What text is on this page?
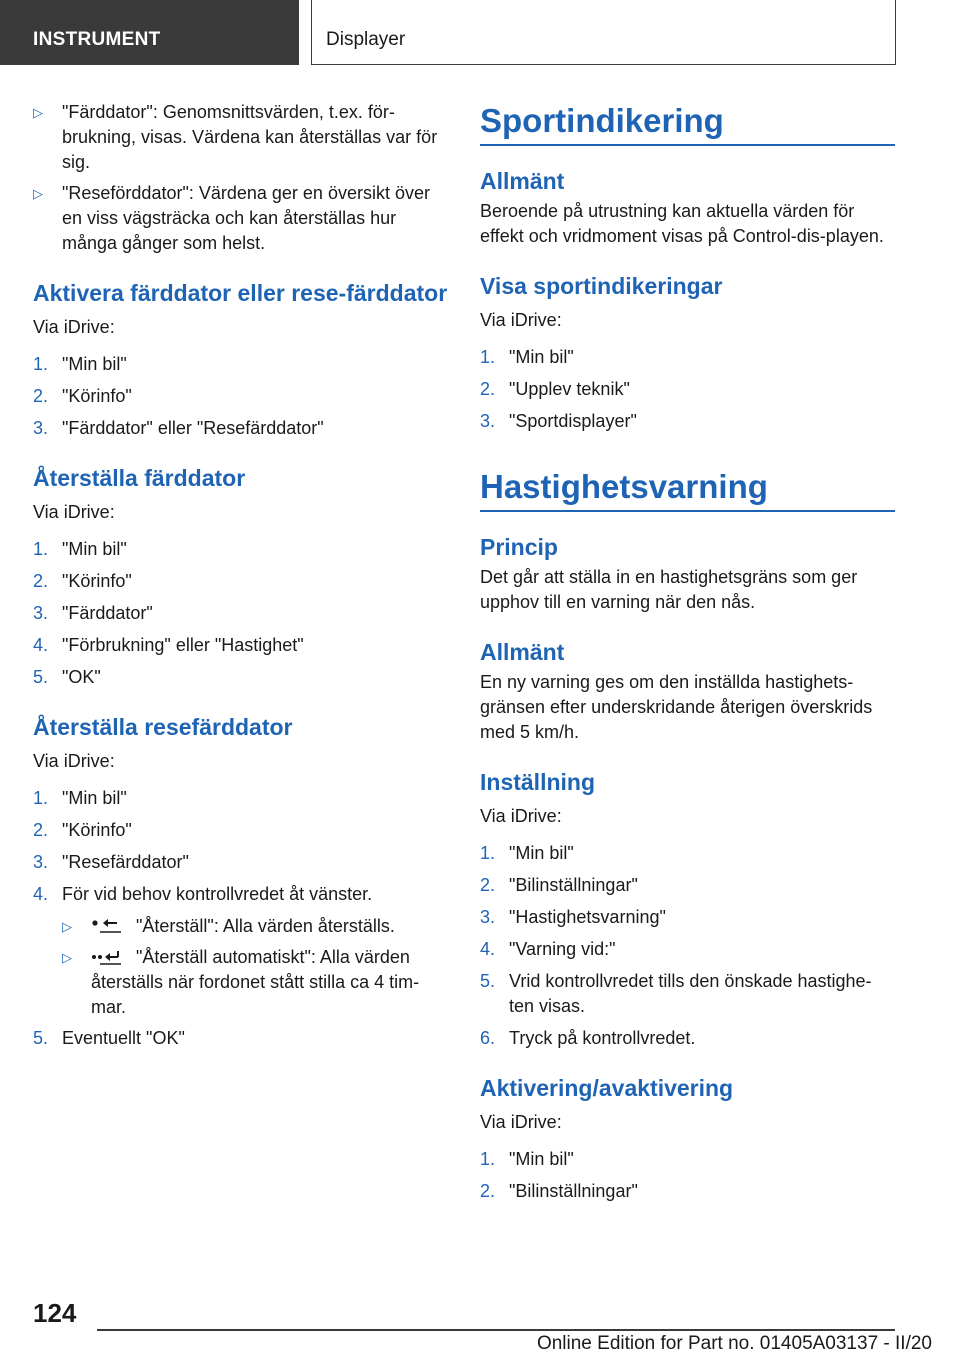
INSTRUMENT	Displayer
▷ "Färddator": Genomsnittsvärden, t.ex. för-brukning, visas. Värdena kan återställas var för sig.
▷ "Reseförddator": Värdena ger en översikt över en viss vägsträcka och kan återställas hur många gånger som helst.
Aktivera färddator eller rese-färddator

Via iDrive:

1. "Min bil"
2. "Körinfo"
3. "Färddator" eller "Resefärddator"
Återställa färddator

Via iDrive:

1. "Min bil"
2. "Körinfo"
3. "Färddator"
4. "Förbrukning" eller "Hastighet"
5. "OK"
Återställa resefärddator

Via iDrive:

1. "Min bil"
2. "Körinfo"
3. "Resefärddator"
4. För vid behov kontrollvredet åt vänster.
▷	"Återställ": Alla värden återställs.
▷	"Återställ automatiskt": Alla värden återställs när fordonet stått stilla ca 4 tim-mar.
5. Eventuellt "OK"
Sportindikering
Allmänt

Beroende på utrustning kan aktuella värden för effekt och vridmoment visas på Control-dis-playen.

Visa sportindikeringar

Via iDrive:

1. "Min bil"
2. "Upplev teknik"
3. "Sportdisplayer"
Hastighetsvarning
Princip

Det går att ställa in en hastighetsgräns som ger upphov till en varning när den nås.

Allmänt

En ny varning ges om den inställda hastighets-gränsen efter underskridande återigen överskrids med 5 km/h.

Inställning

Via iDrive:

1. "Min bil"
2. "Bilinställningar"
3. "Hastighetsvarning"
4. "Varning vid:"
5. Vrid kontrollvredet tills den önskade hastighe-ten visas.
6. Tryck på kontrollvredet.
Aktivering/avaktivering

Via iDrive:

1. "Min bil"
2. "Bilinställningar"
124
Online Edition for Part no. 01405A03137 - II/20
